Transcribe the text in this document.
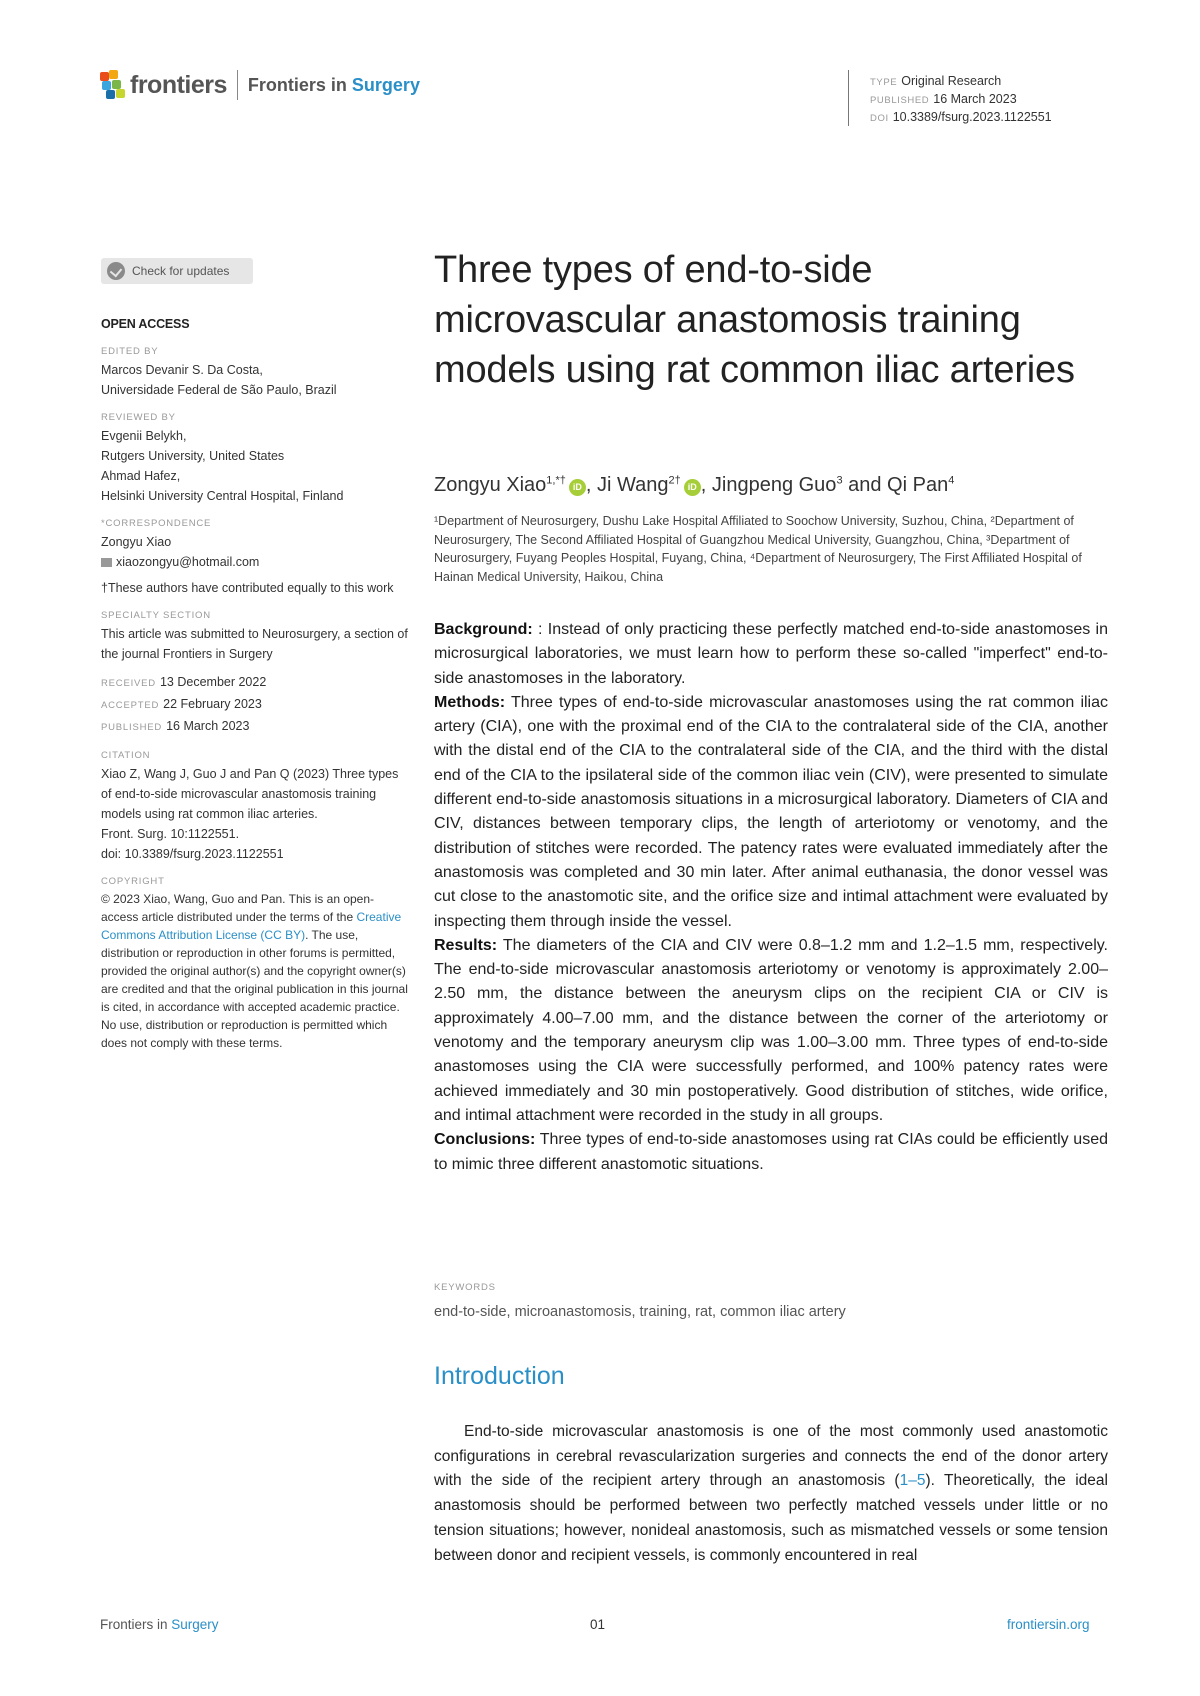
frontiers Frontiers in Surgery	TYPE Original Research
PUBLISHED 16 March 2023
DOI 10.3389/fsurg.2023.1122551
Check for updates
OPEN ACCESS
EDITED BY
Marcos Devanir S. Da Costa,
Universidade Federal de São Paulo, Brazil
REVIEWED BY
Evgenii Belykh,
Rutgers University, United States
Ahmad Hafez,
Helsinki University Central Hospital, Finland
*CORRESPONDENCE
Zongyu Xiao
xiaozongyu@hotmail.com
†These authors have contributed equally to this work
SPECIALTY SECTION
This article was submitted to Neurosurgery, a section of the journal Frontiers in Surgery
RECEIVED 13 December 2022
ACCEPTED 22 February 2023
PUBLISHED 16 March 2023
CITATION
Xiao Z, Wang J, Guo J and Pan Q (2023) Three types of end-to-side microvascular anastomosis training models using rat common iliac arteries.
Front. Surg. 10:1122551.
doi: 10.3389/fsurg.2023.1122551
COPYRIGHT
© 2023 Xiao, Wang, Guo and Pan. This is an open-access article distributed under the terms of the Creative Commons Attribution License (CC BY). The use, distribution or reproduction in other forums is permitted, provided the original author(s) and the copyright owner(s) are credited and that the original publication in this journal is cited, in accordance with accepted academic practice. No use, distribution or reproduction is permitted which does not comply with these terms.
Three types of end-to-side microvascular anastomosis training models using rat common iliac arteries
Zongyu Xiao$^{1,*\dagger}$iD , Ji Wang$^{2\dagger}$iD , Jingpeng Guo$^3$ and Qi Pan$^4$
¹Department of Neurosurgery, Dushu Lake Hospital Affiliated to Soochow University, Suzhou, China, ²Department of Neurosurgery, The Second Affiliated Hospital of Guangzhou Medical University, Guangzhou, China, ³Department of Neurosurgery, Fuyang Peoples Hospital, Fuyang, China, ⁴Department of Neurosurgery, The First Affiliated Hospital of Hainan Medical University, Haikou, China

Background: : Instead of only practicing these perfectly matched end-to-side anastomoses in microsurgical laboratories, we must learn how to perform these so-called "imperfect" end-to-side anastomoses in the laboratory.

Methods: Three types of end-to-side microvascular anastomoses using the rat common iliac artery (CIA), one with the proximal end of the CIA to the contralateral side of the CIA, another with the distal end of the CIA to the contralateral side of the CIA, and the third with the distal end of the CIA to the ipsilateral side of the common iliac vein (CIV), were presented to simulate different end-to-side anastomosis situations in a microsurgical laboratory. Diameters of CIA and CIV, distances between temporary clips, the length of arteriotomy or venotomy, and the distribution of stitches were recorded. The patency rates were evaluated immediately after the anastomosis was completed and 30 min later. After animal euthanasia, the donor vessel was cut close to the anastomotic site, and the orifice size and intimal attachment were evaluated by inspecting them through inside the vessel.

Results: The diameters of the CIA and CIV were 0.8–1.2 mm and 1.2–1.5 mm, respectively. The end-to-side microvascular anastomosis arteriotomy or venotomy is approximately 2.00–2.50 mm, the distance between the aneurysm clips on the recipient CIA or CIV is approximately 4.00–7.00 mm, and the distance between the corner of the arteriotomy or venotomy and the temporary aneurysm clip was 1.00–3.00 mm. Three types of end-to-side anastomoses using the CIA were successfully performed, and 100% patency rates were achieved immediately and 30 min postoperatively. Good distribution of stitches, wide orifice, and intimal attachment were recorded in the study in all groups.

Conclusions: Three types of end-to-side anastomoses using rat CIAs could be efficiently used to mimic three different anastomotic situations.

KEYWORDS
end-to-side, microanastomosis, training, rat, common iliac artery
Introduction

End-to-side microvascular anastomosis is one of the most commonly used anastomotic configurations in cerebral revascularization surgeries and connects the end of the donor artery with the side of the recipient artery through an anastomosis (1–5). Theoretically, the ideal anastomosis should be performed between two perfectly matched vessels under little or no tension situations; however, nonideal anastomosis, such as mismatched vessels or some tension between donor and recipient vessels, is commonly encountered in real

Frontiers in Surgery	01	frontiersin.org
